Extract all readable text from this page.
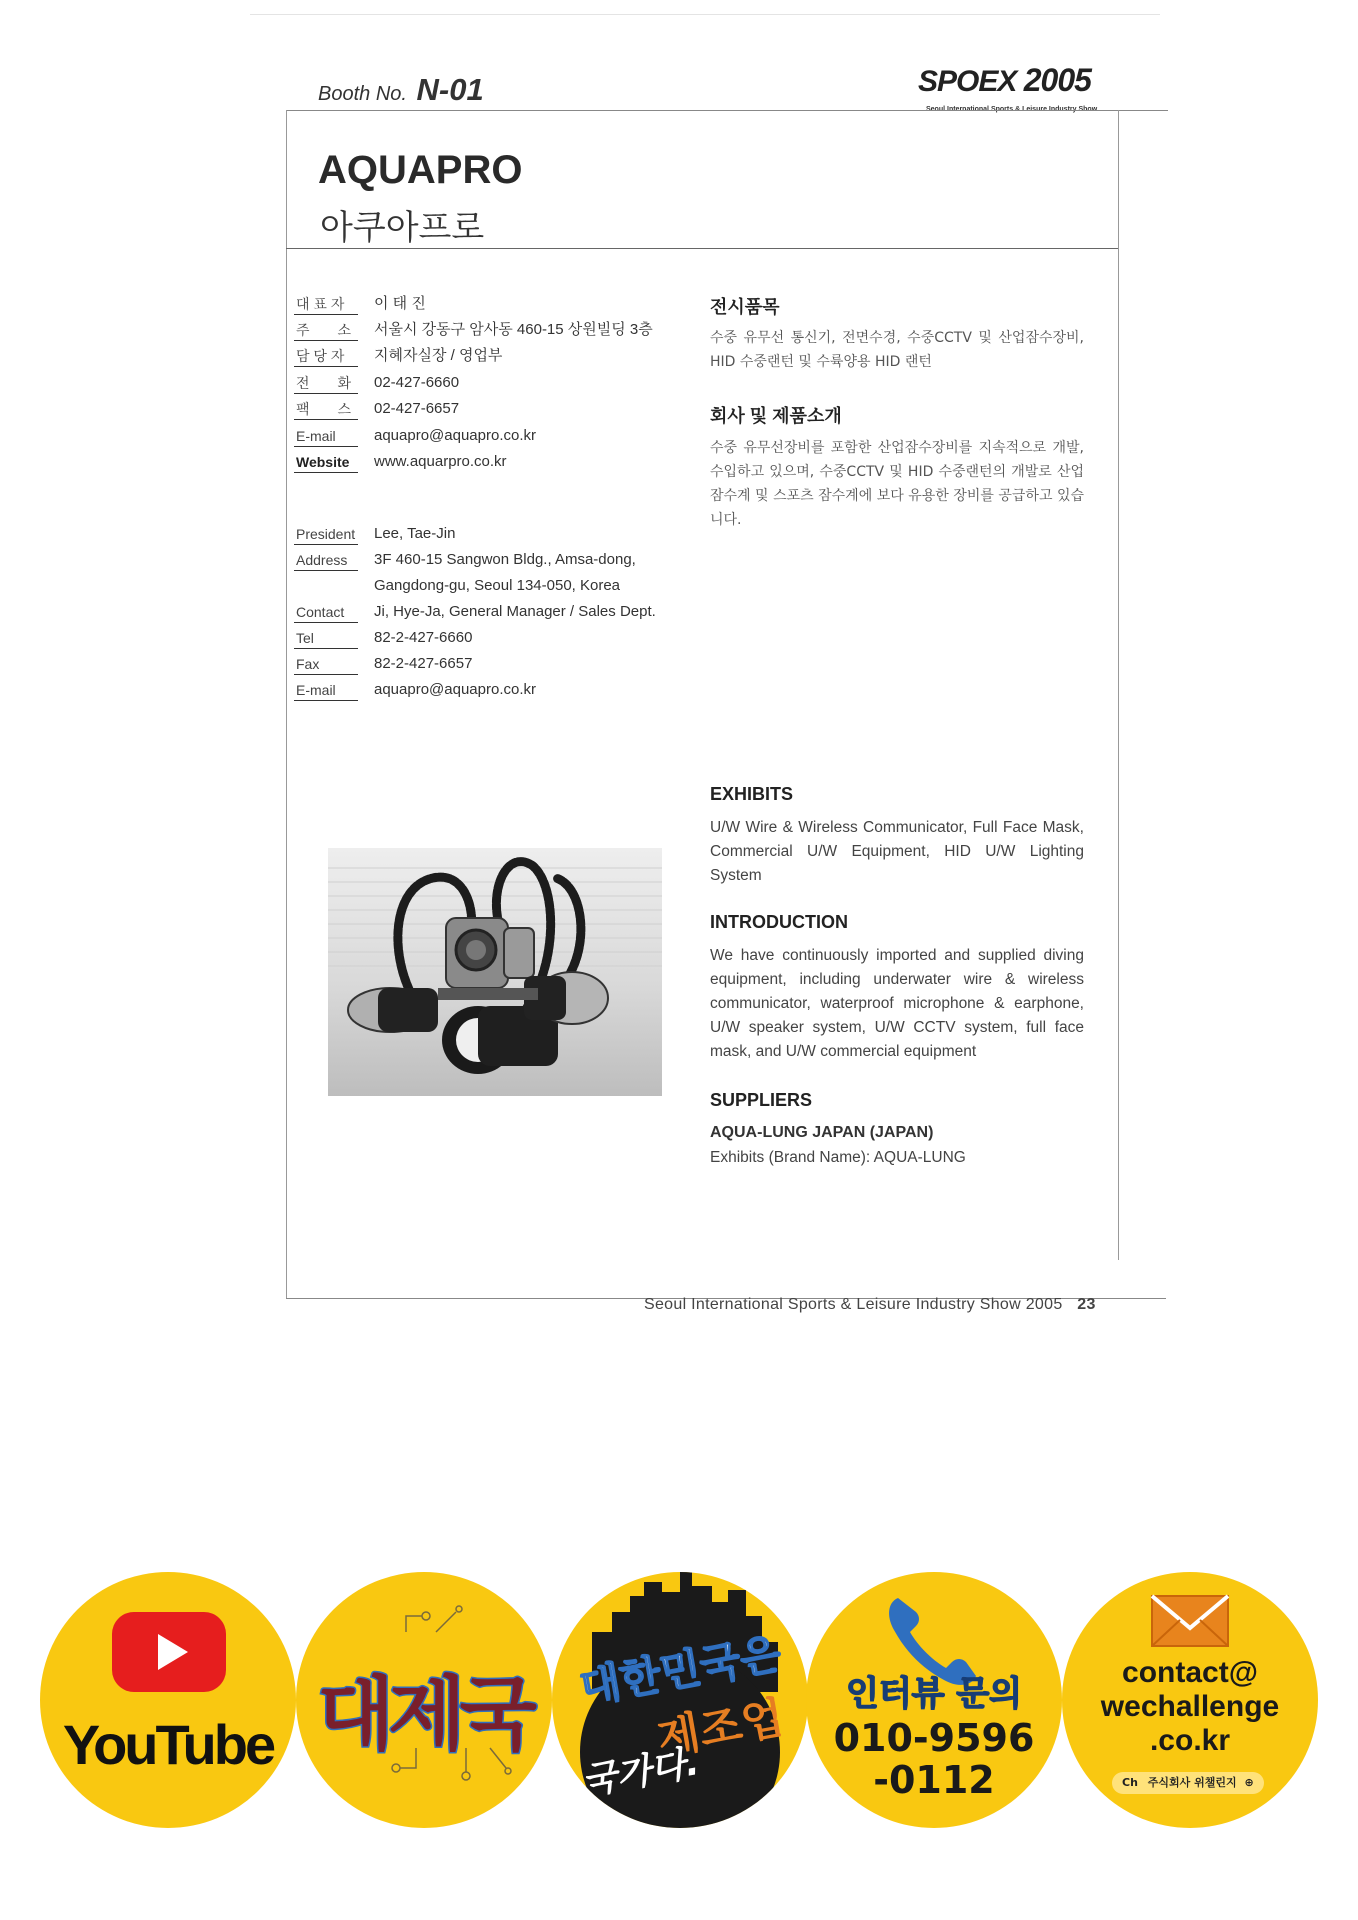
Booth No. N-01	SPOEX 2005
AQUAPRO
아쿠아프로
대 표 자	이 태 진
주　　소	서울시 강동구 암사동 460-15 상원빌딩 3층
담 당 자	지혜자실장 / 영업부
전　　화	02-427-6660
팩　　스	02-427-6657
E-mail	aquapro@aquapro.co.kr
Website	www.aquarpro.co.kr
President Lee, Tae-Jin
Address	3F 460-15 Sangwon Bldg., Amsa-dong,
Gangdong-gu, Seoul 134-050, Korea
Contact	Ji, Hye-Ja, General Manager / Sales Dept.
Tel	82-2-427-6660
Fax	82-2-427-6657
E-mail	aquapro@aquapro.co.kr
전시품목
수중 유무선 통신기, 전면수경, 수중CCTV 및 산업잠수장비, HID 수중랜턴 및 수륙양용 HID 랜턴
회사 및 제품소개
수중 유무선장비를 포함한 산업잠수장비를 지속적으로 개발, 수입하고 있으며, 수중CCTV 및 HID 수중랜턴의 개발로 산업잠수계 및 스포츠 잠수계에 보다 유용한 장비를 공급하고 있습니다.
EXHIBITS
U/W Wire & Wireless Communicator, Full Face Mask, Commercial U/W Equipment, HID U/W Lighting System
INTRODUCTION
We have continuously imported and supplied diving equipment, including underwater wire & wireless communicator, waterproof microphone & earphone, U/W speaker system, U/W CCTV system, full face mask, and U/W commercial equipment
SUPPLIERS
AQUA-LUNG JAPAN (JAPAN)
Exhibits (Brand Name): AQUA-LUNG
Seoul International Sports & Leisure Industry Show 2005 23
YouTube 대제국	대한민국은
제조업
국가다.
인터뷰 문의
010-9596
-0112
contact@
wechallenge
.co.kr
Ch 주식회사 위챌린지 ⊕
